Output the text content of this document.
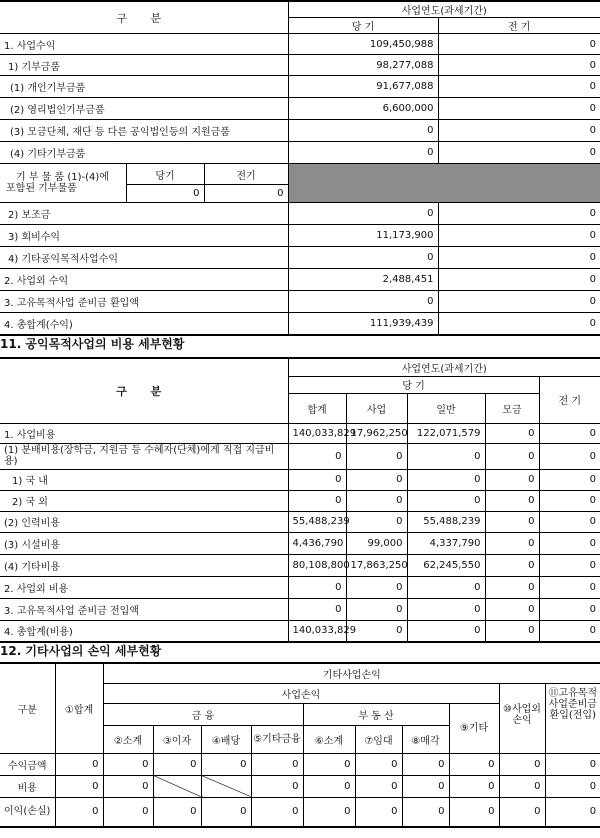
구 분			사업연도(과세기간)	
			당 기	전 기
1. 사업수익			109,450,988	0
1) 기부금품			98,277,088	0
(1) 개인기부금품			91,677,088	0
(2) 영리법인기부금품			6,600,000	0
(3) 모금단체, 재단 등 다른 공익법인등의 지원금품			0	0
(4) 기타기부금품			0	0

기 부 물 품 (1)-(4)에
포함된 기부물품	당기	전기		
	0	0		
2) 보조금			0	0
3) 회비수익			11,173,900	0
4) 기타공익목적사업수익			0	0
2. 사업외 수익			2,488,451	0
3. 고유목적사업 준비금 환입액			0	0
4. 총합계(수익)			111,939,439	0
11. 공익목적사업의 비용 세부현황
구 분	사업연도(과세기간)				
	당 기				전 기
	합계	사업	일반	모금	
1. 사업비용	140,033,829	17,962,250	122,071,579	0	0
(1) 분배비용(장학금, 지원금 등 수혜자(단체)에게 직접 지급비용)	0	0	0	0	0
1) 국 내	0	0	0	0	0
2) 국 외	0	0	0	0	0
(2) 인력비용	55,488,239	0	55,488,239	0	0
(3) 시설비용	4,436,790	99,000	4,337,790	0	0
(4) 기타비용	80,108,800	17,863,250	62,245,550	0	0
2. 사업외 비용	0	0	0	0	0
3. 고유목적사업 준비금 전입액	0	0	0	0	0
4. 총합계(비용)	140,033,829	0	0	0	0
12. 기타사업의 손익 세부현황
구분	①합계	기타사업손익									
		사업손익								⑩사업외손익	⑪고유목적사업준비금환입(전입)
		금 융				부 동 산			⑨기타		
		②소계	③이자	④배당	⑤기타금융	⑥소계	⑦임대	⑧매각			
수익금액	0	0	0	0	0	0	0	0	0	0	0
비용	0	0			0	0	0	0	0	0	0
이익(손실)	0	0	0	0	0	0	0	0	0	0	0
